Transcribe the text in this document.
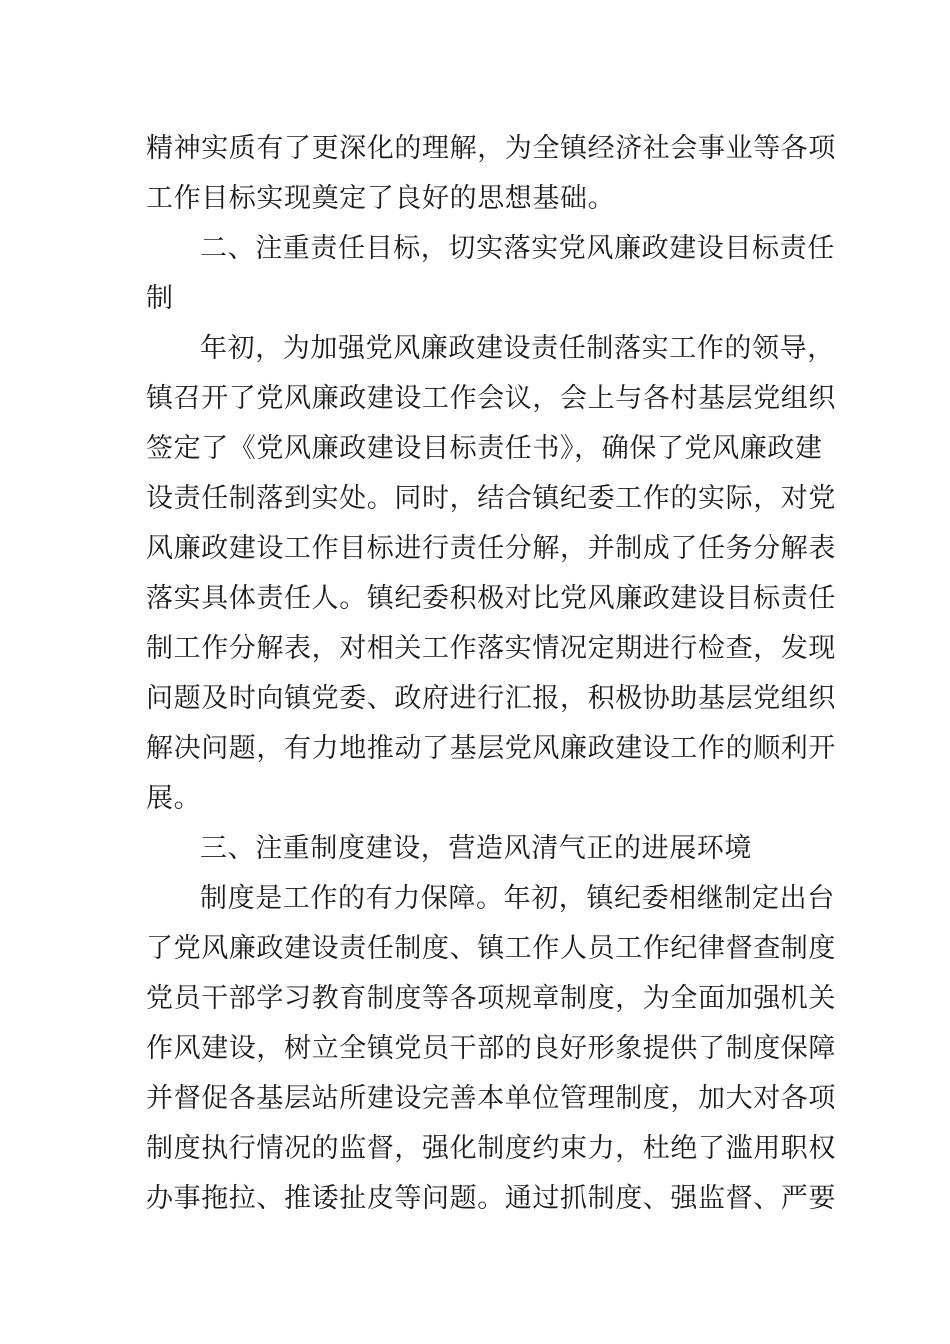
精神实质有了更深化的理解，为全镇经济社会事业等各项
工作目标实现奠定了良好的思想基础。

二、注重责任目标，切实落实党风廉政建设目标责任
制

年初，为加强党风廉政建设责任制落实工作的领导，
镇召开了党风廉政建设工作会议，会上与各村基层党组织
签定了《党风廉政建设目标责任书》，确保了党风廉政建
设责任制落到实处。同时，结合镇纪委工作的实际，对党
风廉政建设工作目标进行责任分解，并制成了任务分解表
落实具体责任人。镇纪委积极对比党风廉政建设目标责任
制工作分解表，对相关工作落实情况定期进行检查，发现
问题及时向镇党委、政府进行汇报，积极协助基层党组织
解决问题，有力地推动了基层党风廉政建设工作的顺利开
展。

三、注重制度建设，营造风清气正的进展环境

制度是工作的有力保障。年初，镇纪委相继制定出台
了党风廉政建设责任制度、镇工作人员工作纪律督查制度
党员干部学习教育制度等各项规章制度，为全面加强机关
作风建设，树立全镇党员干部的良好形象提供了制度保障
并督促各基层站所建设完善本单位管理制度，加大对各项
制度执行情况的监督，强化制度约束力，杜绝了滥用职权
办事拖拉、推诿扯皮等问题。通过抓制度、强监督、严要
